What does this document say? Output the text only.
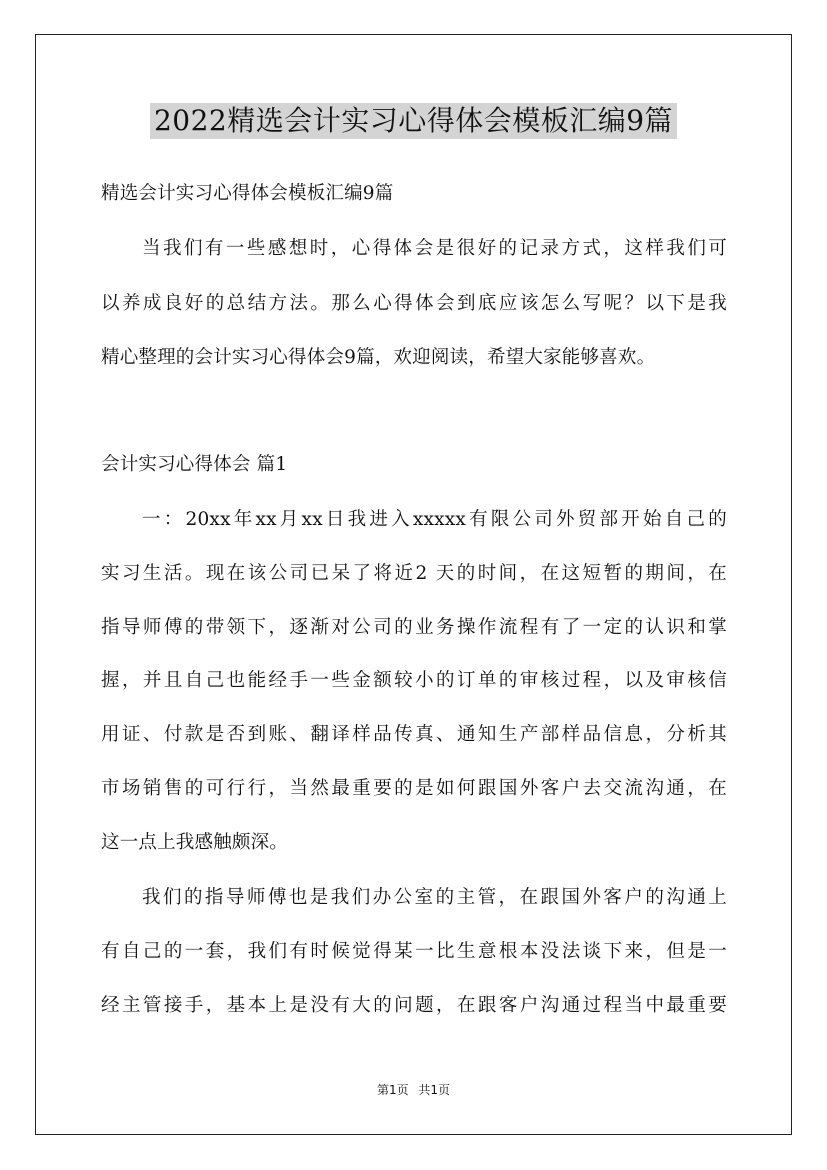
2022精选会计实习心得体会模板汇编9篇
精选会计实习心得体会模板汇编9篇
当我们有一些感想时，心得体会是很好的记录方式，这样我们可
以养成良好的总结方法。那么心得体会到底应该怎么写呢？以下是我
精心整理的会计实习心得体会9篇，欢迎阅读，希望大家能够喜欢。
会计实习心得体会 篇1
一：20xx年xx月xx日我进入xxxxx有限公司外贸部开始自己的
实习生活。现在该公司已呆了将近2 天的时间，在这短暂的期间，在
指导师傅的带领下，逐渐对公司的业务操作流程有了一定的认识和掌
握，并且自己也能经手一些金额较小的订单的审核过程，以及审核信
用证、付款是否到账、翻译样品传真、通知生产部样品信息，分析其
市场销售的可行行，当然最重要的是如何跟国外客户去交流沟通，在
这一点上我感触颇深。
我们的指导师傅也是我们办公室的主管，在跟国外客户的沟通上
有自己的一套，我们有时候觉得某一比生意根本没法谈下来，但是一
经主管接手，基本上是没有大的问题，在跟客户沟通过程当中最重要
第1页 共1页
